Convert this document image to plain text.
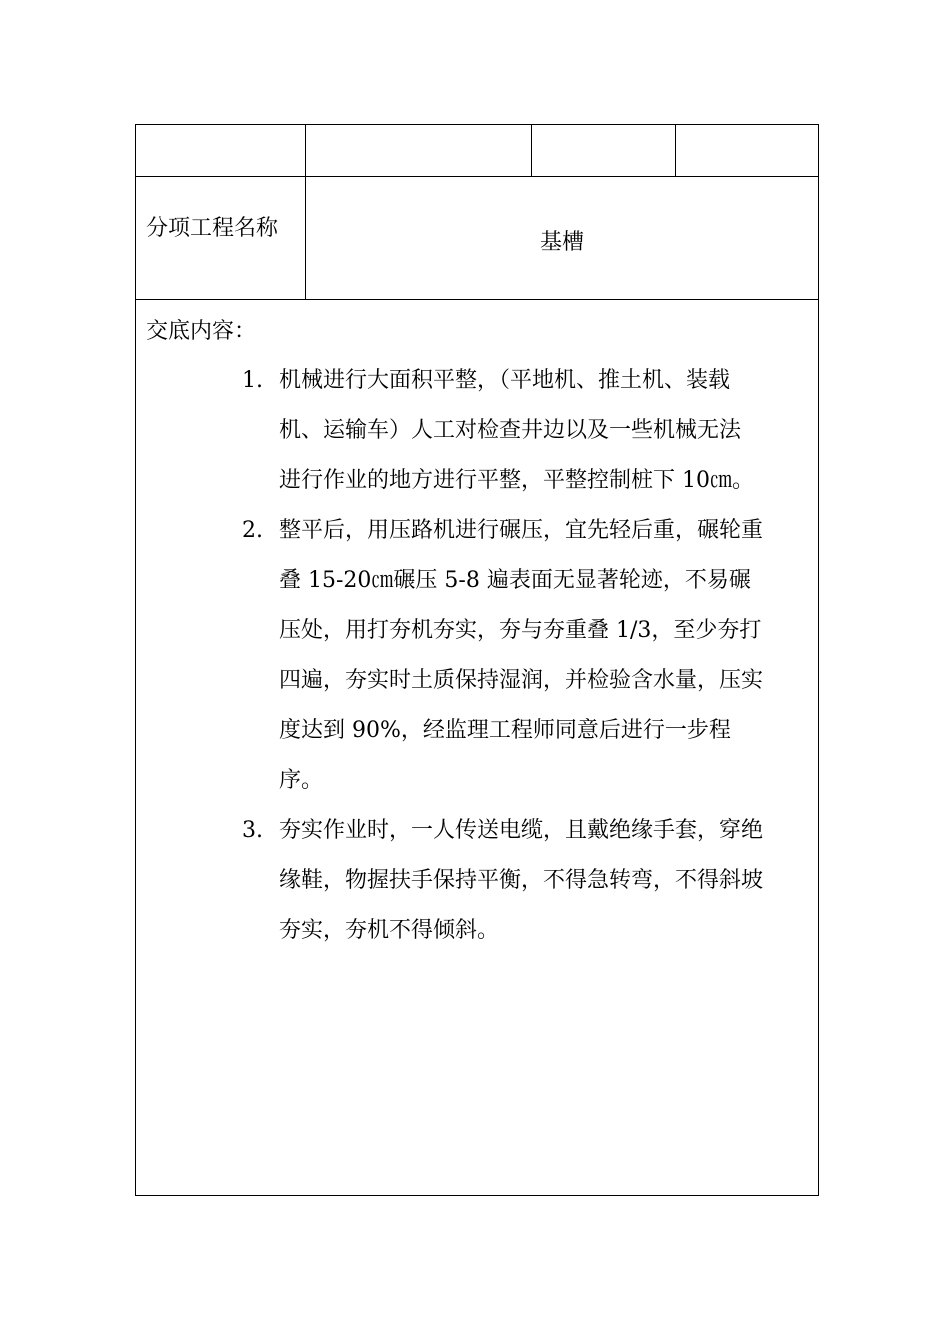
分项工程名称
基槽
交底内容：
1. 机械进行大面积平整，（平地机、推土机、装载
机、运输车）人工对检查井边以及一些机械无法
进行作业的地方进行平整，平整控制桩下 10㎝。
2. 整平后，用压路机进行碾压，宜先轻后重，碾轮重
叠 15-20㎝碾压 5-8 遍表面无显著轮迹，不易碾
压处，用打夯机夯实，夯与夯重叠 1/3，至少夯打
四遍，夯实时土质保持湿润，并检验含水量，压实
度达到 90%，经监理工程师同意后进行一步程
序。
3. 夯实作业时，一人传送电缆，且戴绝缘手套，穿绝
缘鞋，物握扶手保持平衡，不得急转弯，不得斜坡
夯实，夯机不得倾斜。
